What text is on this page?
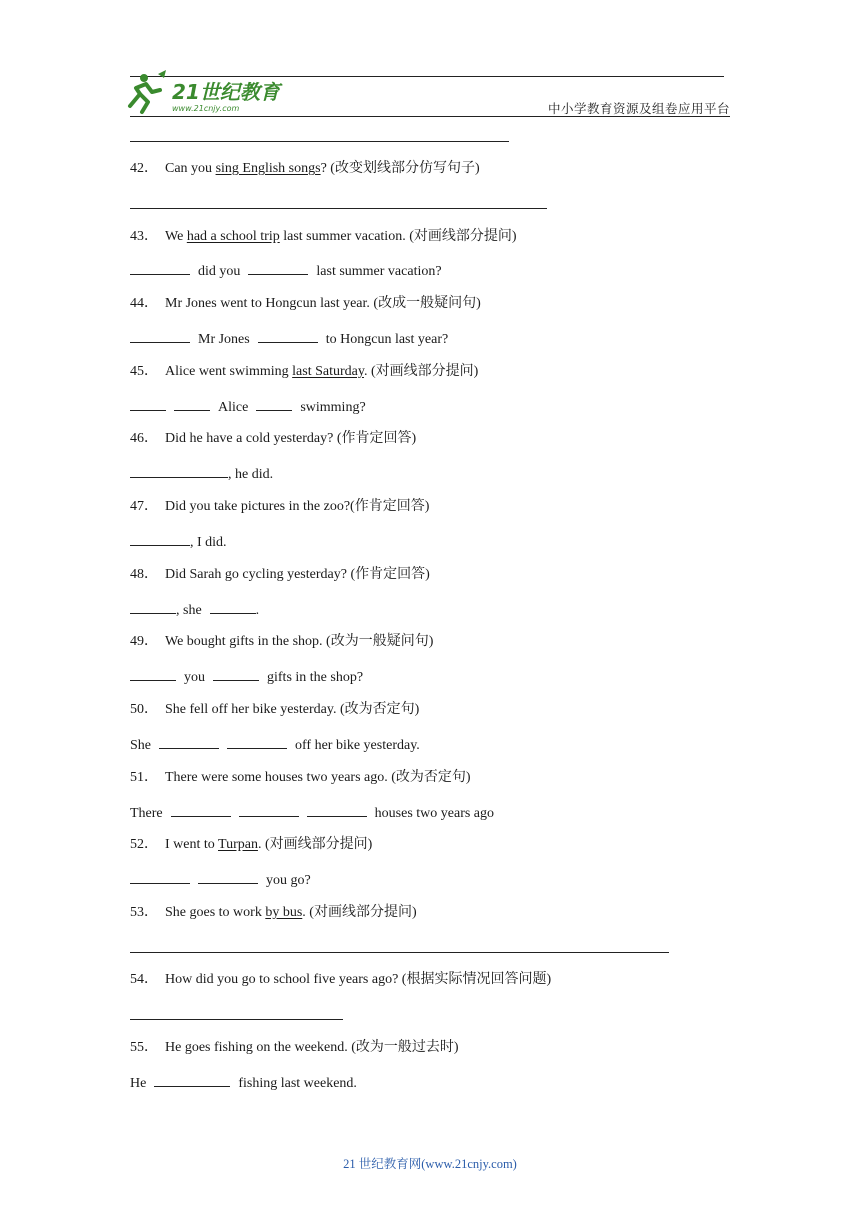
21世纪教育
www.21cnjy.com	中小学教育资源及组卷应用平台
42． Can you sing English songs? (改变划线部分仿写句子)
43． We had a school trip last summer vacation. (对画线部分提问)
did you	last summer vacation?
44． Mr Jones went to Hongcun last year. (改成一般疑问句)
Mr Jones	to Hongcun last year?
45． Alice went swimming last Saturday. (对画线部分提问)
Alice	swimming?
46． Did he have a cold yesterday? (作肯定回答)
, he did.
47． Did you take pictures in the zoo?(作肯定回答)
, I did.
48． Did Sarah go cycling yesterday? (作肯定回答)
, she	.
49． We bought gifts in the shop. (改为一般疑问句)
you	gifts in the shop?
50． She fell off her bike yesterday. (改为否定句)
She	off her bike yesterday.
51． There were some houses two years ago. (改为否定句)
There	houses two years ago
52． I went to Turpan. (对画线部分提问)
you go?
53． She goes to work by bus. (对画线部分提问)
54． How did you go to school five years ago? (根据实际情况回答问题)
55． He goes fishing on the weekend. (改为一般过去时)
He	fishing last weekend.
21 世纪教育网(www.21cnjy.com)
